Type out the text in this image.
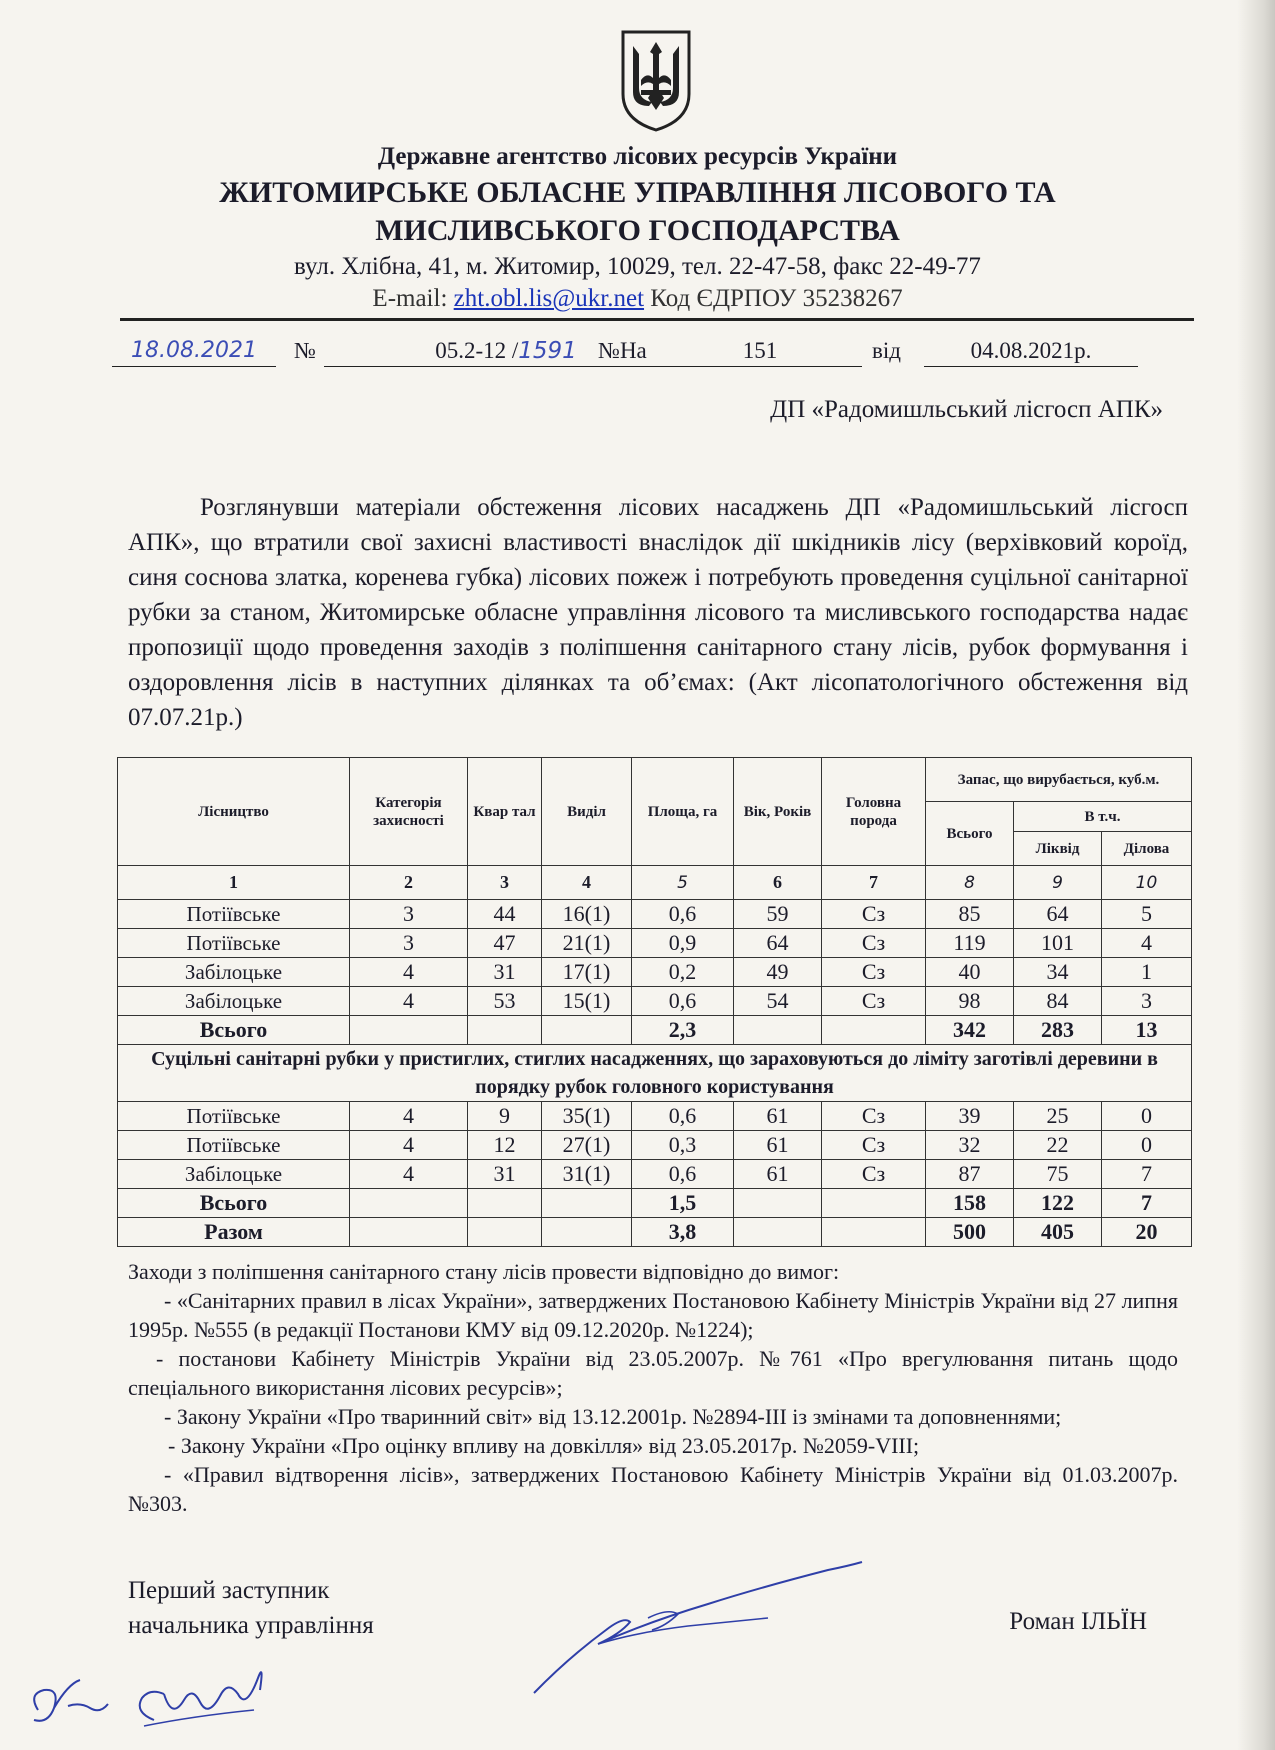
Державне агентство лісових ресурсів України
ЖИТОМИРСЬКЕ ОБЛАСНЕ УПРАВЛІННЯ ЛІСОВОГО ТА
МИСЛИВСЬКОГО ГОСПОДАРСТВА
вул. Хлібна, 41, м. Житомир, 10029, тел. 22-47-58, факс 22-49-77
E-mail: zht.obl.lis@ukr.net Код ЄДРПОУ 35238267
18.08.2021	№	05.2-12 /1591 №На	151	від	04.08.2021р.
ДП «Радомишльський лісгосп АПК»
Розглянувши матеріали обстеження лісових насаджень ДП «Радомишльський лісгосп АПК», що втратили свої захисні властивості внаслідок дії шкідників лісу (верхівковий короїд, синя соснова златка, коренева губка) лісових пожеж і потребують проведення суцільної санітарної рубки за станом, Житомирське обласне управління лісового та мисливського господарства надає пропозиції щодо проведення заходів з поліпшення санітарного стану лісів, рубок формування і оздоровлення лісів в наступних ділянках та об’ємах: (Акт лісопатологічного обстеження від 07.07.21р.)
Лісництво	Категорія захисності	Квар тал	Виділ	Площа, га	Вік, Років	Головна порода	Запас, що вирубається, куб.м.		
							Всього	В т.ч.	
								Ліквід	Ділова
1	2	3	4	5	6	7	8	9	10
Потіївське	3	44	16(1)	0,6	59	Сз	85	64	5
Потіївське	3	47	21(1)	0,9	64	Сз	119	101	4
Забілоцьке	4	31	17(1)	0,2	49	Сз	40	34	1
Забілоцьке	4	53	15(1)	0,6	54	Сз	98	84	3
Всього				2,3			342	283	13
Суцільні санітарні рубки у пристиглих, стиглих насадженнях, що зараховуються до ліміту заготівлі деревини в порядку рубок головного користування									
Потіївське	4	9	35(1)	0,6	61	Сз	39	25	0
Потіївське	4	12	27(1)	0,3	61	Сз	32	22	0
Забілоцьке	4	31	31(1)	0,6	61	Сз	87	75	7
Всього				1,5			158	122	7
Разом				3,8			500	405	20

Заходи з поліпшення санітарного стану лісів провести відповідно до вимог:

- «Санітарних правил в лісах України», затверджених Постановою Кабінету Міністрів України від 27 липня 1995р. №555 (в редакції Постанови КМУ від 09.12.2020р. №1224);

- постанови Кабінету Міністрів України від 23.05.2007р. №761 «Про врегулювання питань щодо спеціального використання лісових ресурсів»;

- Закону України «Про тваринний світ» від 13.12.2001р. №2894-ІІІ із змінами та доповненнями;

- Закону України «Про оцінку впливу на довкілля» від 23.05.2017р. №2059-VIII;

- «Правил відтворення лісів», затверджених Постановою Кабінету Міністрів України від 01.03.2007р. №303.

Перший заступник
начальника управління	Роман ІЛЬЇН
